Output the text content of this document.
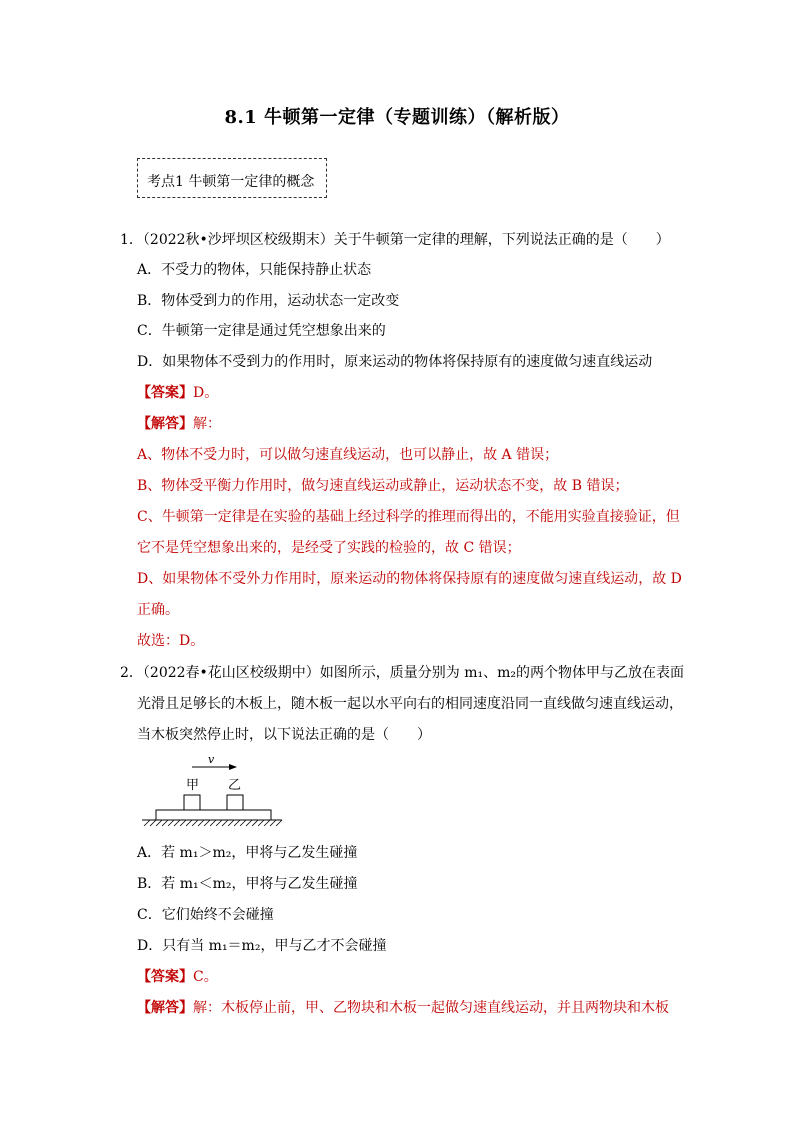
8.1 牛顿第一定律（专题训练）（解析版）
考点1 牛顿第一定律的概念
1．（2022秋•沙坪坝区校级期末）关于牛顿第一定律的理解，下列说法正确的是（　　）
A．不受力的物体，只能保持静止状态
B．物体受到力的作用，运动状态一定改变
C．牛顿第一定律是通过凭空想象出来的
D．如果物体不受到力的作用时，原来运动的物体将保持原有的速度做匀速直线运动
【答案】D。
【解答】解：
A、物体不受力时，可以做匀速直线运动，也可以静止，故 A 错误；
B、物体受平衡力作用时，做匀速直线运动或静止，运动状态不变，故 B 错误；
C、牛顿第一定律是在实验的基础上经过科学的推理而得出的，不能用实验直接验证，但
它不是凭空想象出来的，是经受了实践的检验的，故 C 错误；
D、如果物体不受外力作用时，原来运动的物体将保持原有的速度做匀速直线运动，故 D
正确。
故选：D。
2．（2022春•花山区校级期中）如图所示，质量分别为 m₁、m₂的两个物体甲与乙放在表面
光滑且足够长的木板上，随木板一起以水平向右的相同速度沿同一直线做匀速直线运动，
当木板突然停止时，以下说法正确的是（　　）
v
甲 乙
A．若 m₁＞m₂，甲将与乙发生碰撞
B．若 m₁＜m₂，甲将与乙发生碰撞
C．它们始终不会碰撞
D．只有当 m₁＝m₂，甲与乙才不会碰撞
【答案】C。
【解答】解：木板停止前，甲、乙物块和木板一起做匀速直线运动，并且两物块和木板
